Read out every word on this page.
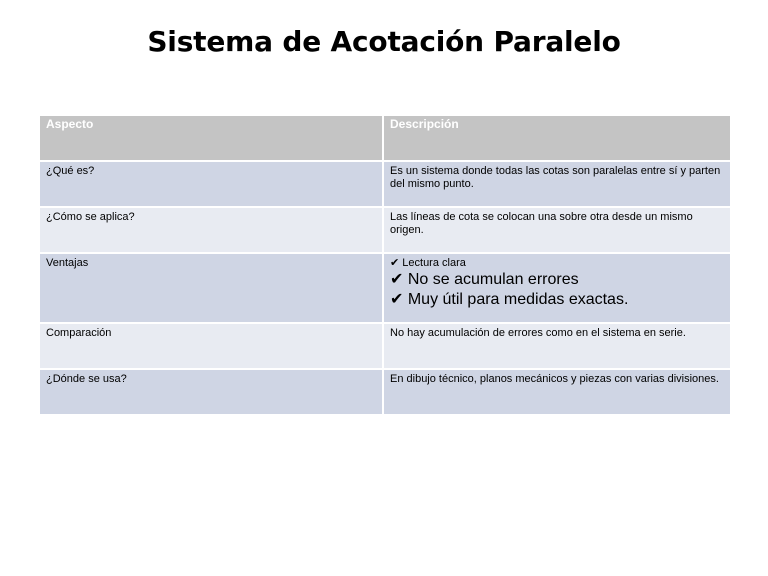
Sistema de Acotación Paralelo
Aspecto	Descripción
¿Qué es?	Es un sistema donde todas las cotas son paralelas entre sí y parten del mismo punto.
¿Cómo se aplica?	Las líneas de cota se colocan una sobre otra desde un mismo origen.
Ventajas	✔ Lectura clara
✔ No se acumulan errores
✔ Muy útil para medidas exactas.
Comparación	No hay acumulación de errores como en el sistema en serie.
¿Dónde se usa?	En dibujo técnico, planos mecánicos y piezas con varias divisiones.
